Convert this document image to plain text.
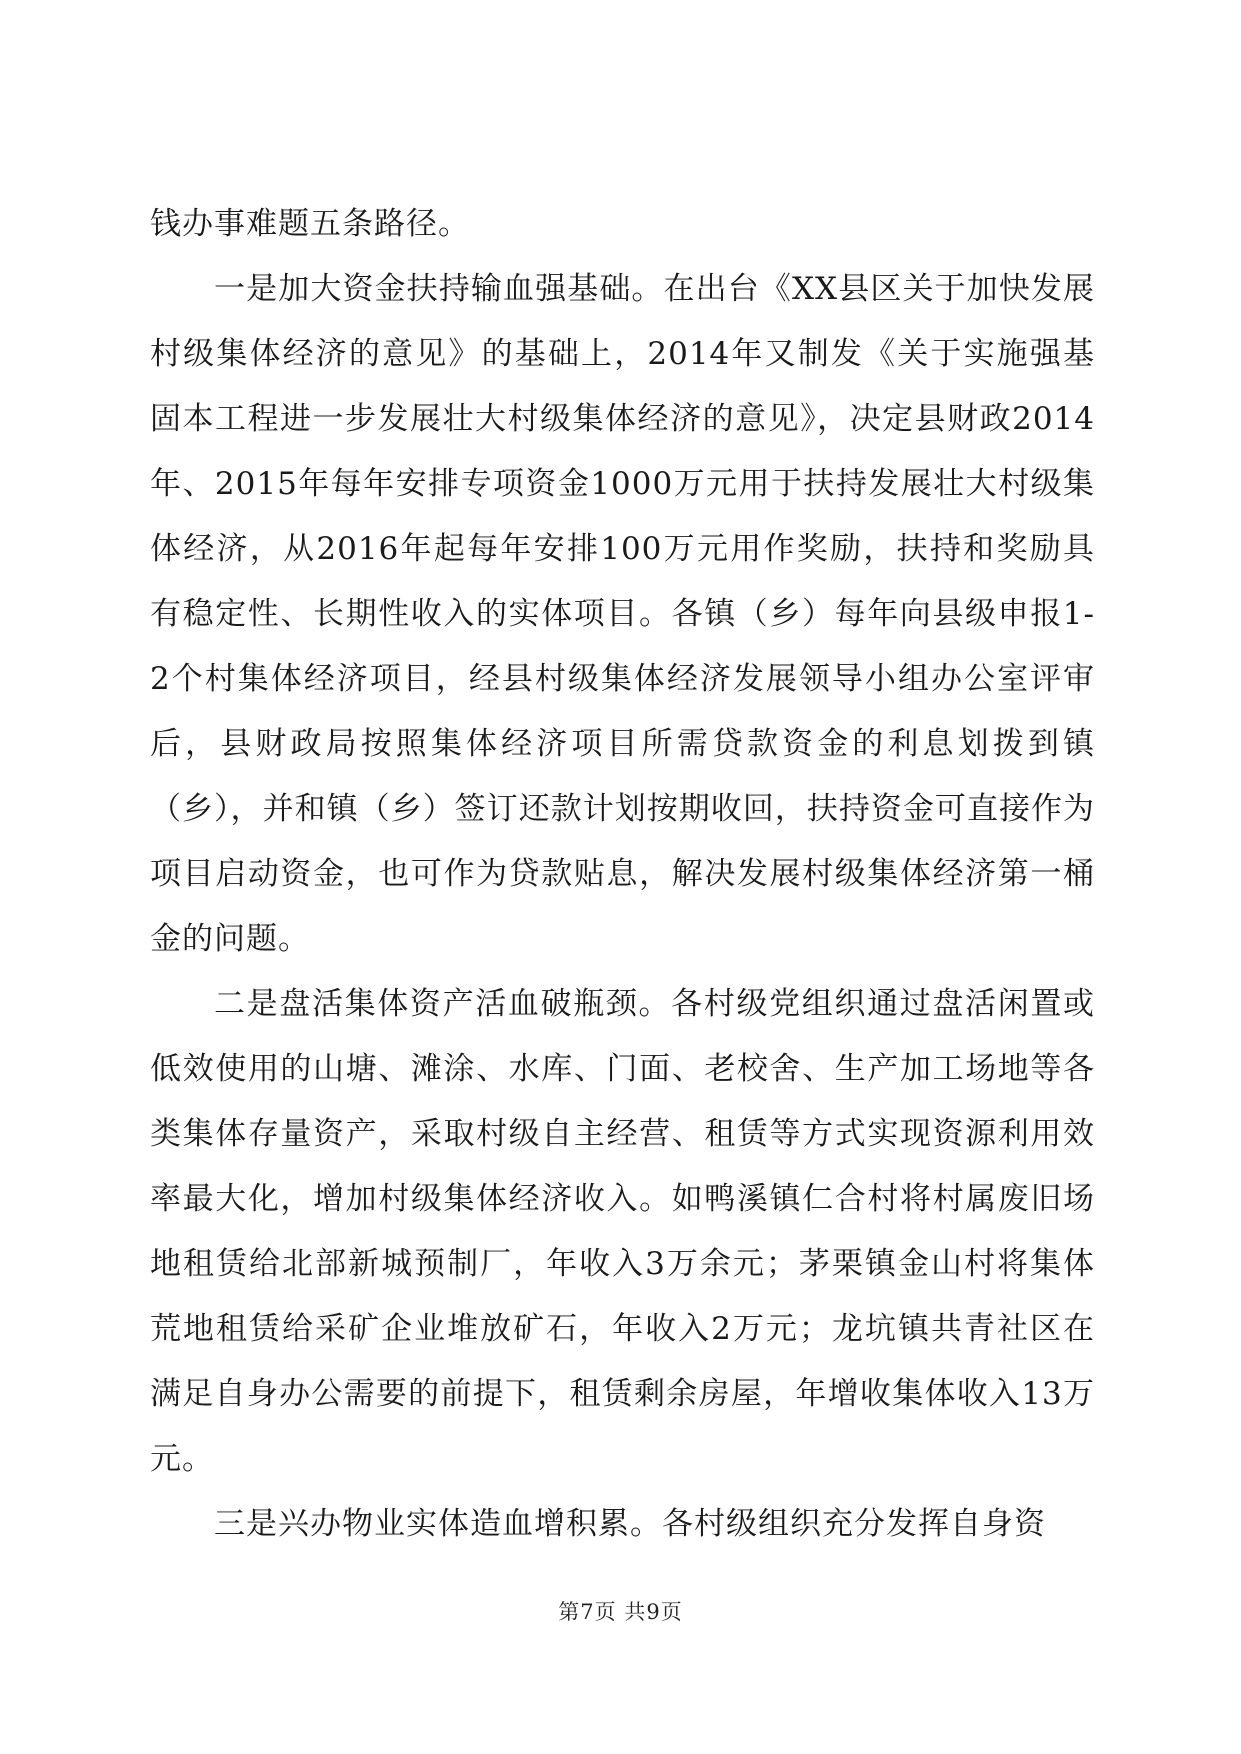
钱办事难题五条路径。

一是加大资金扶持输血强基础。在出台《XX县区关于加快发展村级集体经济的意见》的基础上，2014年又制发《关于实施强基固本工程进一步发展壮大村级集体经济的意见》，决定县财政2014年、2015年每年安排专项资金1000万元用于扶持发展壮大村级集体经济，从2016年起每年安排100万元用作奖励，扶持和奖励具有稳定性、长期性收入的实体项目。各镇（乡）每年向县级申报1-2个村集体经济项目，经县村级集体经济发展领导小组办公室评审后，县财政局按照集体经济项目所需贷款资金的利息划拨到镇（乡），并和镇（乡）签订还款计划按期收回，扶持资金可直接作为项目启动资金，也可作为贷款贴息，解决发展村级集体经济第一桶金的问题。

二是盘活集体资产活血破瓶颈。各村级党组织通过盘活闲置或低效使用的山塘、滩涂、水库、门面、老校舍、生产加工场地等各类集体存量资产，采取村级自主经营、租赁等方式实现资源利用效率最大化，增加村级集体经济收入。如鸭溪镇仁合村将村属废旧场地租赁给北部新城预制厂，年收入3万余元；茅栗镇金山村将集体荒地租赁给采矿企业堆放矿石，年收入2万元；龙坑镇共青社区在满足自身办公需要的前提下，租赁剩余房屋，年增收集体收入13万元。

三是兴办物业实体造血增积累。各村级组织充分发挥自身资

第7页 共9页
